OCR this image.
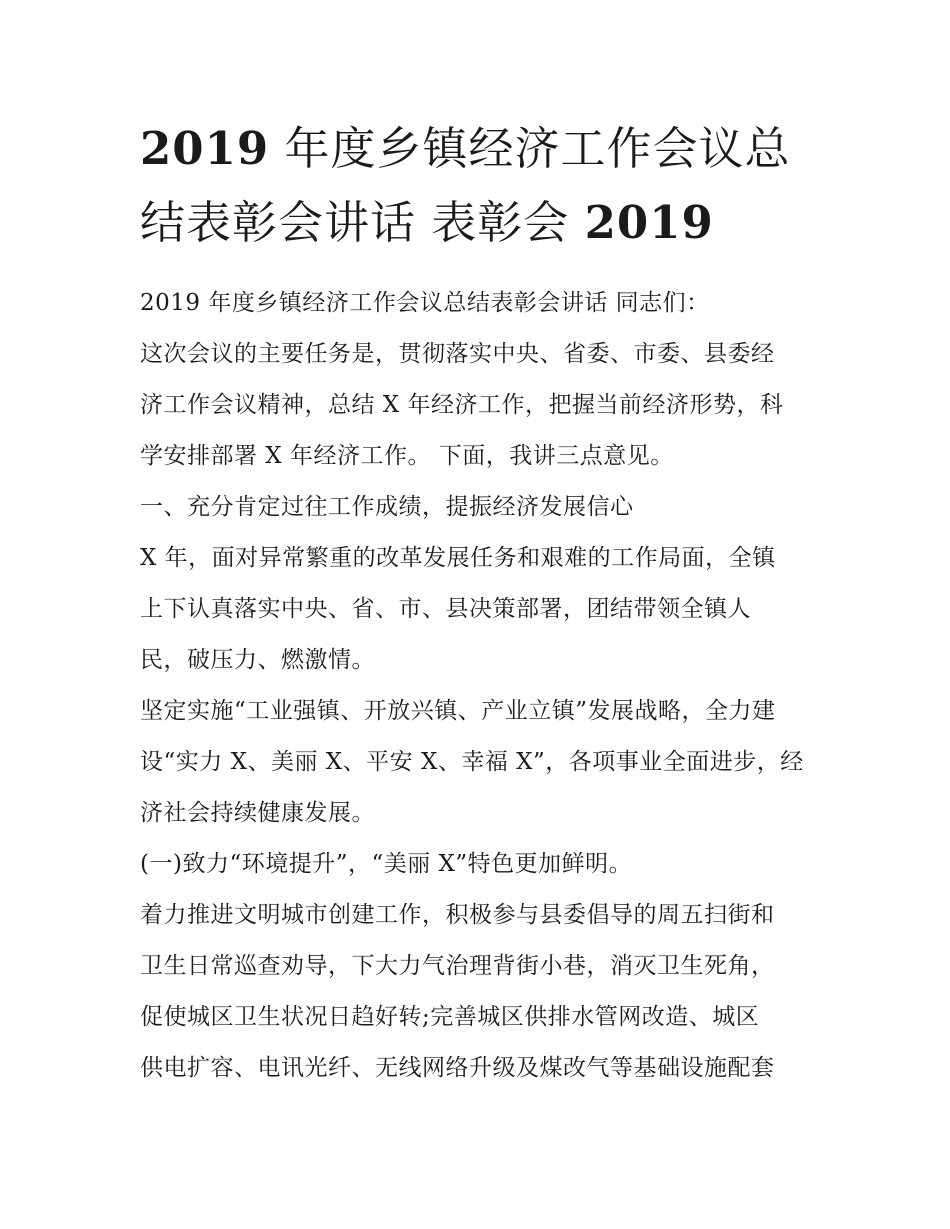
2019 年度乡镇经济工作会议总
结表彰会讲话 表彰会 2019

2019 年度乡镇经济工作会议总结表彰会讲话 同志们：

这次会议的主要任务是，贯彻落实中央、省委、市委、县委经

济工作会议精神，总结 X 年经济工作，把握当前经济形势，科

学安排部署 X 年经济工作。 下面，我讲三点意见。

一、充分肯定过往工作成绩，提振经济发展信心

X 年，面对异常繁重的改革发展任务和艰难的工作局面，全镇

上下认真落实中央、省、市、县决策部署，团结带领全镇人

民，破压力、燃激情。

坚定实施“工业强镇、开放兴镇、产业立镇”发展战略，全力建

设“实力 X、美丽 X、平安 X、幸福 X”，各项事业全面进步，经

济社会持续健康发展。

(一)致力“环境提升”，“美丽 X”特色更加鲜明。

着力推进文明城市创建工作，积极参与县委倡导的周五扫街和

卫生日常巡查劝导，下大力气治理背街小巷，消灭卫生死角，

促使城区卫生状况日趋好转;完善城区供排水管网改造、城区

供电扩容、电讯光纤、无线网络升级及煤改气等基础设施配套
